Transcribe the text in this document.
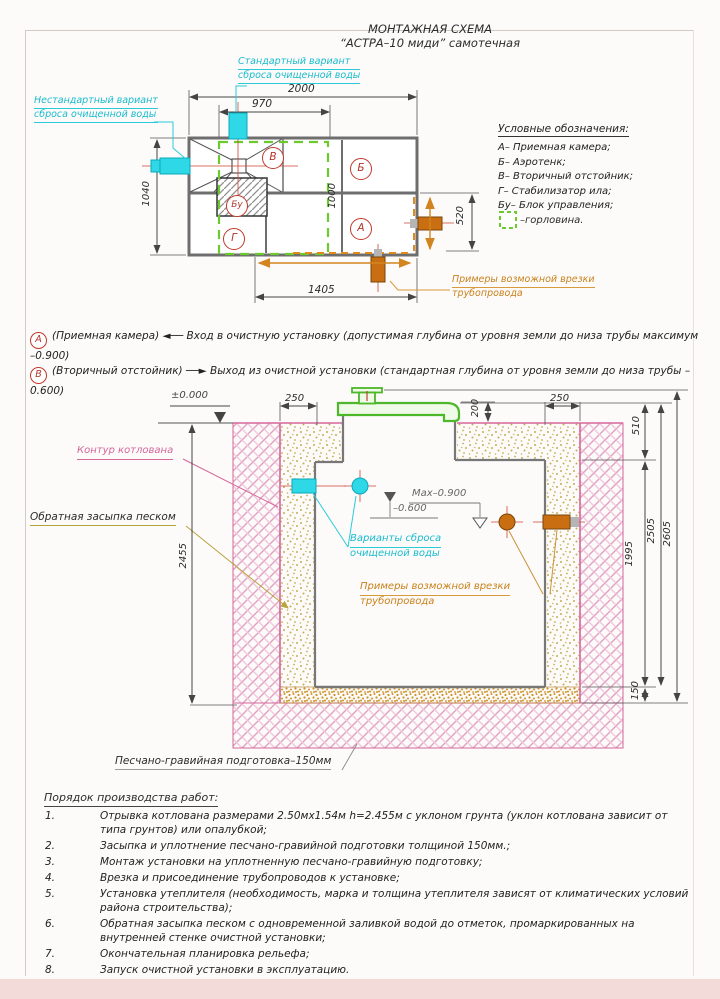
МОНТАЖНАЯ СХЕМА
“АСТРА–10 миди” самотечная
Стандартный вариант
сброса очищенной воды
Нестандартный вариант
сброса очищенной воды
Примеры возможной врезки
трубопровода
2000
970
1405
1040	1000
520
В
Б
А
Г
Бу
Условные обозначения:
А– Приемная камера;
Б– Аэротенк;
В– Вторичный отстойник;
Г– Стабилизатор ила;
Бу– Блок управления;
–горловина.
А (Приемная камера) ◄── Вход в очистную установку (допустимая глубина от уровня земли до низа трубы максимум –0.900)
В (Вторичный отстойник) ──► Выход из очистной установки (стандартная глубина от уровня земли до низа трубы –0.600)	±0.000
Контур котлована
Обратная засыпка песком
Варианты сброса
очищенной воды
Примеры возможной врезки
трубопровода
Max–0.900
–0.600
Песчано-гравийная подготовка–150мм
250	250
200
2455
510
1995
150
2505 2605
Порядок производства работ:
1.	Отрывка котлована размерами 2.50мх1.54м h=2.455м с уклоном грунта (уклон котлована зависит от типа грунтов) или опалубкой;
2.	Засыпка и уплотнение песчано-гравийной подготовки толщиной 150мм.;
3.	Монтаж установки на уплотненную песчано-гравийную подготовку;
4.	Врезка и присоединение трубопроводов к установке;
5.	Установка утеплителя (необходимость, марка и толщина утеплителя зависят от климатических условий района строительства);
6.	Обратная засыпка песком с одновременной заливкой водой до отметок, промаркированных на внутренней стенке очистной установки;
7.	Окончательная планировка рельефа;
8.	Запуск очистной установки в эксплуатацию.
